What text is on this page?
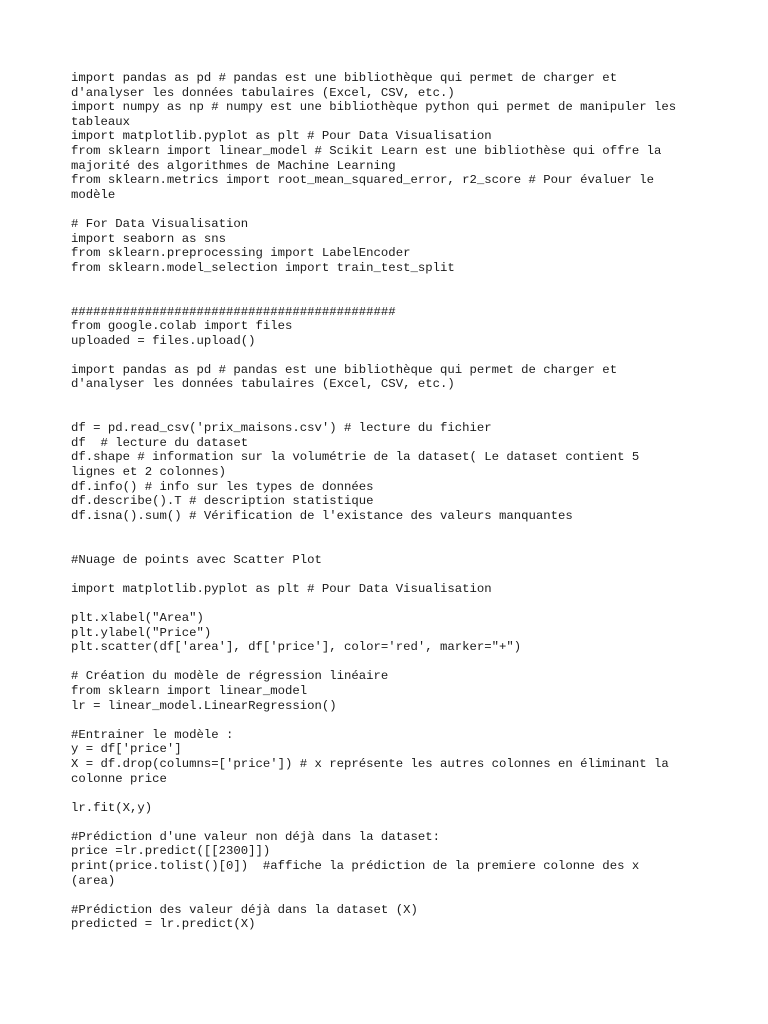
import pandas as pd # pandas est une bibliothèque qui permet de charger et
d'analyser les données tabulaires (Excel, CSV, etc.)
import numpy as np # numpy est une bibliothèque python qui permet de manipuler les
tableaux
import matplotlib.pyplot as plt # Pour Data Visualisation
from sklearn import linear_model # Scikit Learn est une bibliothèse qui offre la
majorité des algorithmes de Machine Learning
from sklearn.metrics import root_mean_squared_error, r2_score # Pour évaluer le
modèle
# For Data Visualisation
import seaborn as sns
from sklearn.preprocessing import LabelEncoder
from sklearn.model_selection import train_test_split
############################################
from google.colab import files
uploaded = files.upload()
import pandas as pd # pandas est une bibliothèque qui permet de charger et
d'analyser les données tabulaires (Excel, CSV, etc.)
df = pd.read_csv('prix_maisons.csv') # lecture du fichier
df  # lecture du dataset
df.shape # information sur la volumétrie de la dataset( Le dataset contient 5
lignes et 2 colonnes)
df.info() # info sur les types de données
df.describe().T # description statistique
df.isna().sum() # Vérification de l'existance des valeurs manquantes
#Nuage de points avec Scatter Plot
import matplotlib.pyplot as plt # Pour Data Visualisation
plt.xlabel("Area")
plt.ylabel("Price")
plt.scatter(df['area'], df['price'], color='red', marker="+")
# Création du modèle de régression linéaire
from sklearn import linear_model
lr = linear_model.LinearRegression()
#Entrainer le modèle :
y = df['price']
X = df.drop(columns=['price']) # x représente les autres colonnes en éliminant la
colonne price
lr.fit(X,y)
#Prédiction d'une valeur non déjà dans la dataset:
price =lr.predict([[2300]])
print(price.tolist()[0])  #affiche la prédiction de la premiere colonne des x
(area)
#Prédiction des valeur déjà dans la dataset (X)
predicted = lr.predict(X)
